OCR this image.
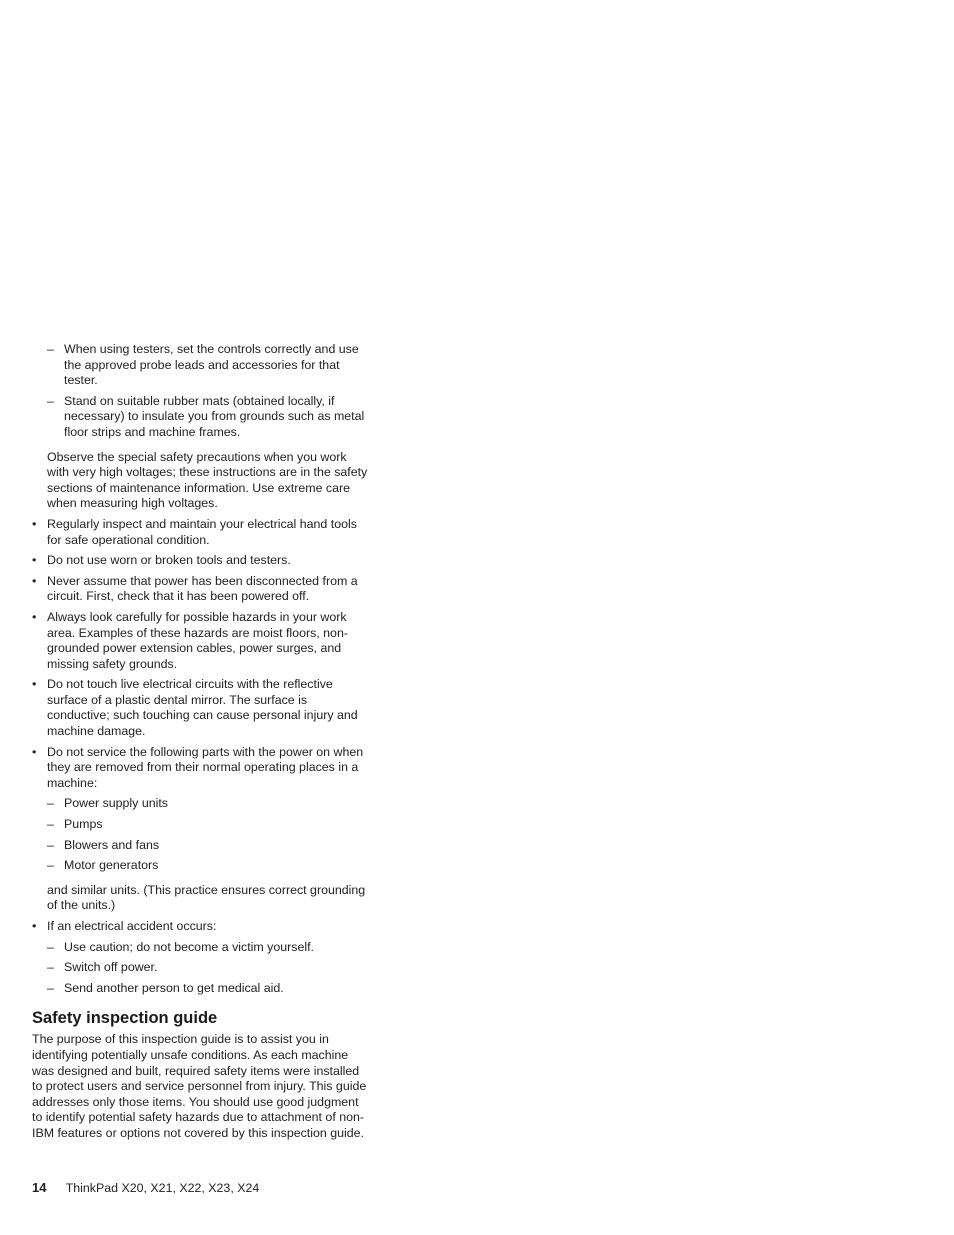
– When using testers, set the controls correctly and use the approved probe leads and accessories for that tester.
– Stand on suitable rubber mats (obtained locally, if necessary) to insulate you from grounds such as metal floor strips and machine frames.
Observe the special safety precautions when you work with very high voltages; these instructions are in the safety sections of maintenance information. Use extreme care when measuring high voltages.
• Regularly inspect and maintain your electrical hand tools for safe operational condition.
• Do not use worn or broken tools and testers.
• Never assume that power has been disconnected from a circuit. First, check that it has been powered off.
• Always look carefully for possible hazards in your work area. Examples of these hazards are moist floors, non-grounded power extension cables, power surges, and missing safety grounds.
• Do not touch live electrical circuits with the reflective surface of a plastic dental mirror. The surface is conductive; such touching can cause personal injury and machine damage.
• Do not service the following parts with the power on when they are removed from their normal operating places in a machine:
– Power supply units
– Pumps
– Blowers and fans
– Motor generators
and similar units. (This practice ensures correct grounding of the units.)
• If an electrical accident occurs:
– Use caution; do not become a victim yourself.
– Switch off power.
– Send another person to get medical aid.
Safety inspection guide

The purpose of this inspection guide is to assist you in identifying potentially unsafe conditions. As each machine was designed and built, required safety items were installed to protect users and service personnel from injury. This guide addresses only those items. You should use good judgment to identify potential safety hazards due to attachment of non-IBM features or options not covered by this inspection guide.

14 ThinkPad X20, X21, X22, X23, X24
